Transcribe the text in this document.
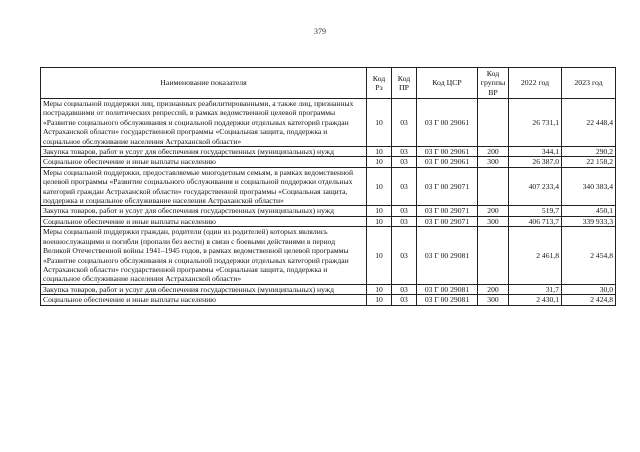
379
Наименование показателя	Код Рз	Код ПР	Код ЦСР	Код группы ВР	2022 год	2023 год
Меры социальной поддержки лиц, признанных реабилитированными, а также лиц, признанных пострадавшими от политических репрессий, в рамках ведомственной целевой программы «Развитие социального обслуживания и социальной поддержки отдельных категорий граждан Астраханской области» государственной программы «Социальная защита, поддержка и социальное обслуживание населения Астраханской области»	10	03	03 Г 00 29061		26 731,1	22 448,4
Закупка товаров, работ и услуг для обеспечения государственных (муниципальных) нужд	10	03	03 Г 00 29061	200	344,1	290,2
Социальное обеспечение и иные выплаты населению	10	03	03 Г 00 29061	300	26 387,0	22 158,2
Меры социальной поддержки, предоставляемые многодетным семьям, в рамках ведомственной целевой программы «Развитие социального обслуживания и социальной поддержки отдельных категорий граждан Астраханской области» государственной программы «Социальная защита, поддержка и социальное обслуживание населения Астраханской области»	10	03	03 Г 00 29071		407 233,4	340 383,4
Закупка товаров, работ и услуг для обеспечения государственных (муниципальных) нужд	10	03	03 Г 00 29071	200	519,7	450,1
Социальное обеспечение и иные выплаты населению	10	03	03 Г 00 29071	300	406 713,7	339 933,3
Меры социальной поддержки граждан, родители (один из родителей) которых являлись военнослужащими и погибли (пропали без вести) в связи с боевыми действиями в период Великой Отечественной войны 1941–1945 годов, в рамках ведомственной целевой программы «Развитие социального обслуживания и социальной поддержки отдельных категорий граждан Астраханской области» государственной программы «Социальная защита, поддержка и социальное обслуживание населения Астраханской области»	10	03	03 Г 00 29081		2 461,8	2 454,8
Закупка товаров, работ и услуг для обеспечения государственных (муниципальных) нужд	10	03	03 Г 00 29081	200	31,7	30,0
Социальное обеспечение и иные выплаты населению	10	03	03 Г 00 29081	300	2 430,1	2 424,8
